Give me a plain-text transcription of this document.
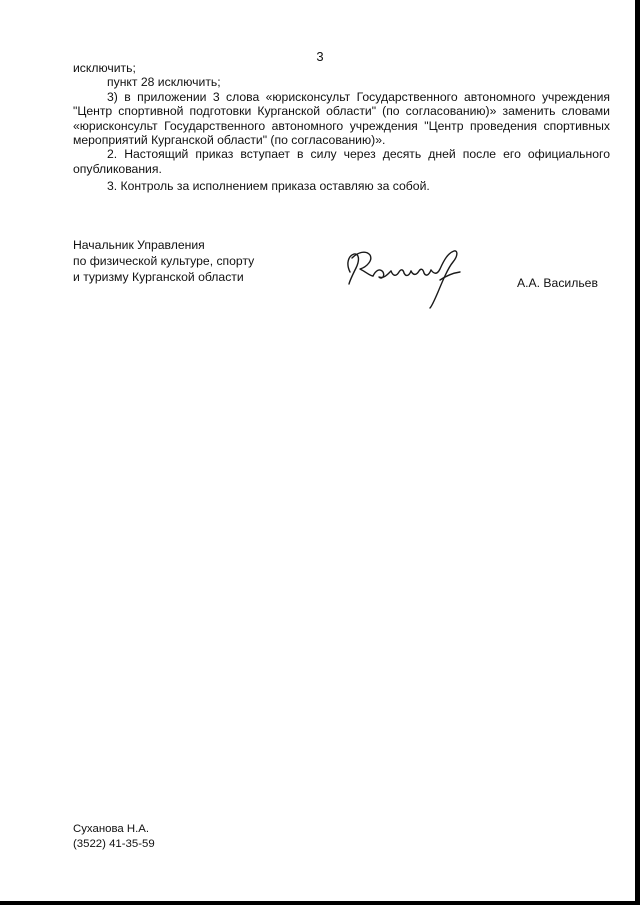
3

исключить;

пункт 28 исключить;

3) в приложении 3 слова «юрисконсульт Государственного автономного учреждения "Центр спортивной подготовки Курганской области" (по согласованию)» заменить словами «юрисконсульт Государственного автономного учреждения "Центр проведения спортивных мероприятий Курганской области" (по согласованию)».

2. Настоящий приказ вступает в силу через десять дней после его официального опубликования.

3. Контроль за исполнением приказа оставляю за собой.

Начальник Управления
по физической культуре, спорту
и туризму Курганской области	А.А. Васильев
Суханова Н.А.
(3522) 41-35-59
